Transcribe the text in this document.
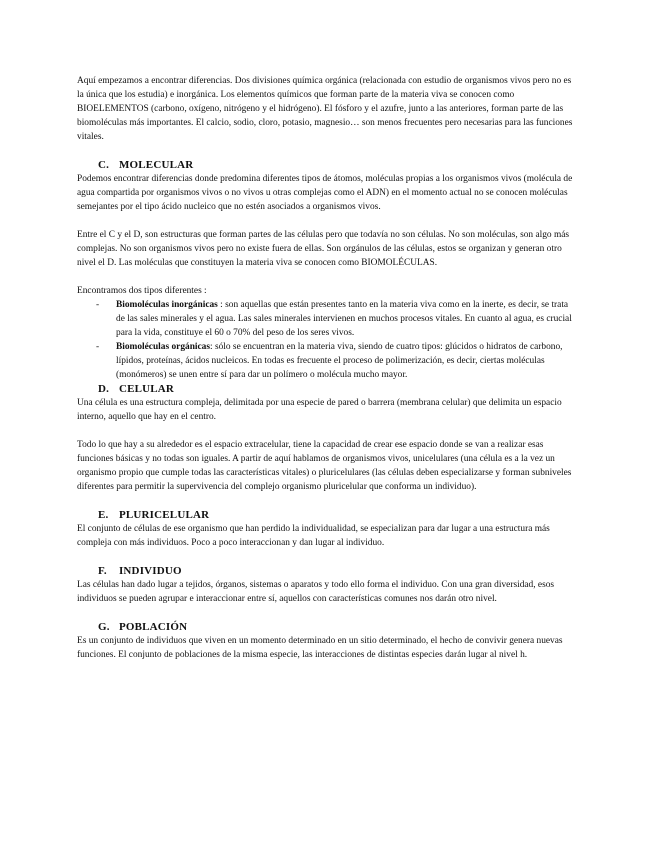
Aquí empezamos a encontrar diferencias. Dos divisiones química orgánica (relacionada con estudio de organismos vivos pero no es la única que los estudia) e inorgánica. Los elementos químicos que forman parte de la materia viva se conocen como BIOELEMENTOS (carbono, oxígeno, nitrógeno y el hidrógeno). El fósforo y el azufre, junto a las anteriores, forman parte de las biomoléculas más importantes. El calcio, sodio, cloro, potasio, magnesio… son menos frecuentes pero necesarias para las funciones vitales.

C. MOLECULAR

Podemos encontrar diferencias donde predomina diferentes tipos de átomos, moléculas propias a los organismos vivos (molécula de agua compartida por organismos vivos o no vivos u otras complejas como el ADN) en el momento actual no se conocen moléculas semejantes por el tipo ácido nucleico que no estén asociados a organismos vivos.

Entre el C y el D, son estructuras que forman partes de las células pero que todavía no son células. No son moléculas, son algo más complejas. No son organismos vivos pero no existe fuera de ellas. Son orgánulos de las células, estos se organizan y generan otro nivel el D. Las moléculas que constituyen la materia viva se conocen como BIOMOLÉCULAS.

Encontramos dos tipos diferentes :

- Biomoléculas inorgánicas : son aquellas que están presentes tanto en la materia viva como en la inerte, es decir, se trata de las sales minerales y el agua. Las sales minerales intervienen en muchos procesos vitales. En cuanto al agua, es crucial para la vida, constituye el 60 o 70% del peso de los seres vivos.
- Biomoléculas orgánicas: sólo se encuentran en la materia viva, siendo de cuatro tipos: glúcidos o hidratos de carbono, lípidos, proteínas, ácidos nucleicos. En todas es frecuente el proceso de polimerización, es decir, ciertas moléculas (monómeros) se unen entre sí para dar un polímero o molécula mucho mayor.
D. CELULAR

Una célula es una estructura compleja, delimitada por una especie de pared o barrera (membrana celular) que delimita un espacio interno, aquello que hay en el centro.

Todo lo que hay a su alrededor es el espacio extracelular, tiene la capacidad de crear ese espacio donde se van a realizar esas funciones básicas y no todas son iguales. A partir de aquí hablamos de organismos vivos, unicelulares (una célula es a la vez un organismo propio que cumple todas las características vitales) o pluricelulares (las células deben especializarse y forman subniveles diferentes para permitir la supervivencia del complejo organismo pluricelular que conforma un individuo).

E. PLURICELULAR

El conjunto de células de ese organismo que han perdido la individualidad, se especializan para dar lugar a una estructura más compleja con más individuos. Poco a poco interaccionan y dan lugar al individuo.

F. INDIVIDUO

Las células han dado lugar a tejidos, órganos, sistemas o aparatos y todo ello forma el individuo. Con una gran diversidad, esos individuos se pueden agrupar e interaccionar entre sí, aquellos con características comunes nos darán otro nivel.

G. POBLACIÓN

Es un conjunto de individuos que viven en un momento determinado en un sitio determinado, el hecho de convivir genera nuevas funciones. El conjunto de poblaciones de la misma especie, las interacciones de distintas especies darán lugar al nivel h.
